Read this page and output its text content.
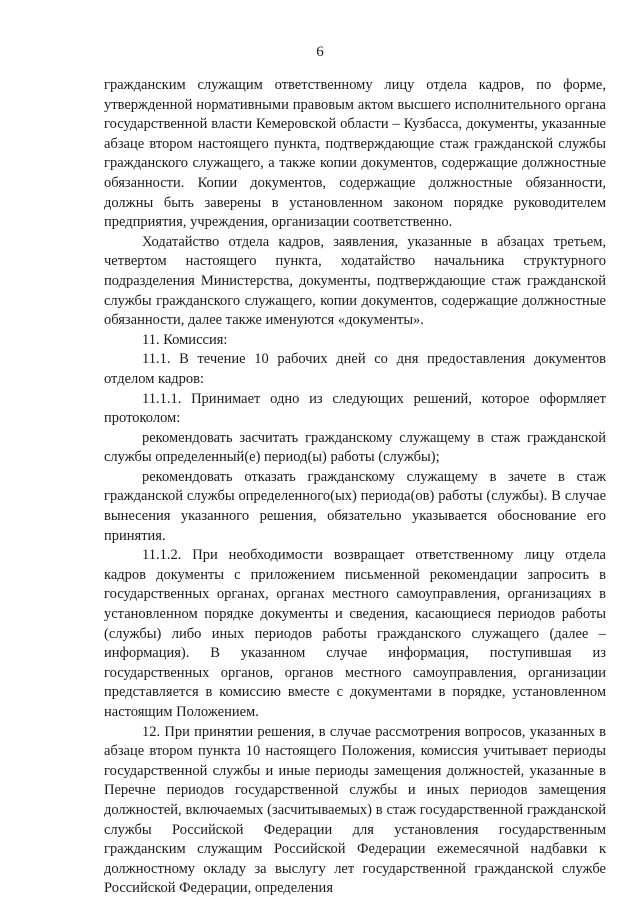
6

гражданским служащим ответственному лицу отдела кадров, по форме, утвержденной нормативными правовым актом высшего исполнительного органа государственной власти Кемеровской области – Кузбасса, документы, указанные абзаце втором настоящего пункта, подтверждающие стаж гражданской службы гражданского служащего, а также копии документов, содержащие должностные обязанности. Копии документов, содержащие должностные обязанности, должны быть заверены в установленном законом порядке руководителем предприятия, учреждения, организации соответственно.

Ходатайство отдела кадров, заявления, указанные в абзацах третьем, четвертом настоящего пункта, ходатайство начальника структурного подразделения Министерства, документы, подтверждающие стаж гражданской службы гражданского служащего, копии документов, содержащие должностные обязанности, далее также именуются «документы».

11. Комиссия:

11.1. В течение 10 рабочих дней со дня предоставления документов отделом кадров:

11.1.1. Принимает одно из следующих решений, которое оформляет протоколом:

рекомендовать засчитать гражданскому служащему в стаж гражданской службы определенный(е) период(ы) работы (службы);

рекомендовать отказать гражданскому служащему в зачете в стаж гражданской службы определенного(ых) периода(ов) работы (службы). В случае вынесения указанного решения, обязательно указывается обоснование его принятия.

11.1.2. При необходимости возвращает ответственному лицу отдела кадров документы с приложением письменной рекомендации запросить в государственных органах, органах местного самоуправления, организациях в установленном порядке документы и сведения, касающиеся периодов работы (службы) либо иных периодов работы гражданского служащего (далее – информация). В указанном случае информация, поступившая из государственных органов, органов местного самоуправления, организации представляется в комиссию вместе с документами в порядке, установленном настоящим Положением.

12. При принятии решения, в случае рассмотрения вопросов, указанных в абзаце втором пункта 10 настоящего Положения, комиссия учитывает периоды государственной службы и иные периоды замещения должностей, указанные в Перечне периодов государственной службы и иных периодов замещения должностей, включаемых (засчитываемых) в стаж государственной гражданской службы Российской Федерации для установления государственным гражданским служащим Российской Федерации ежемесячной надбавки к должностному окладу за выслугу лет государственной гражданской службе Российской Федерации, определения
